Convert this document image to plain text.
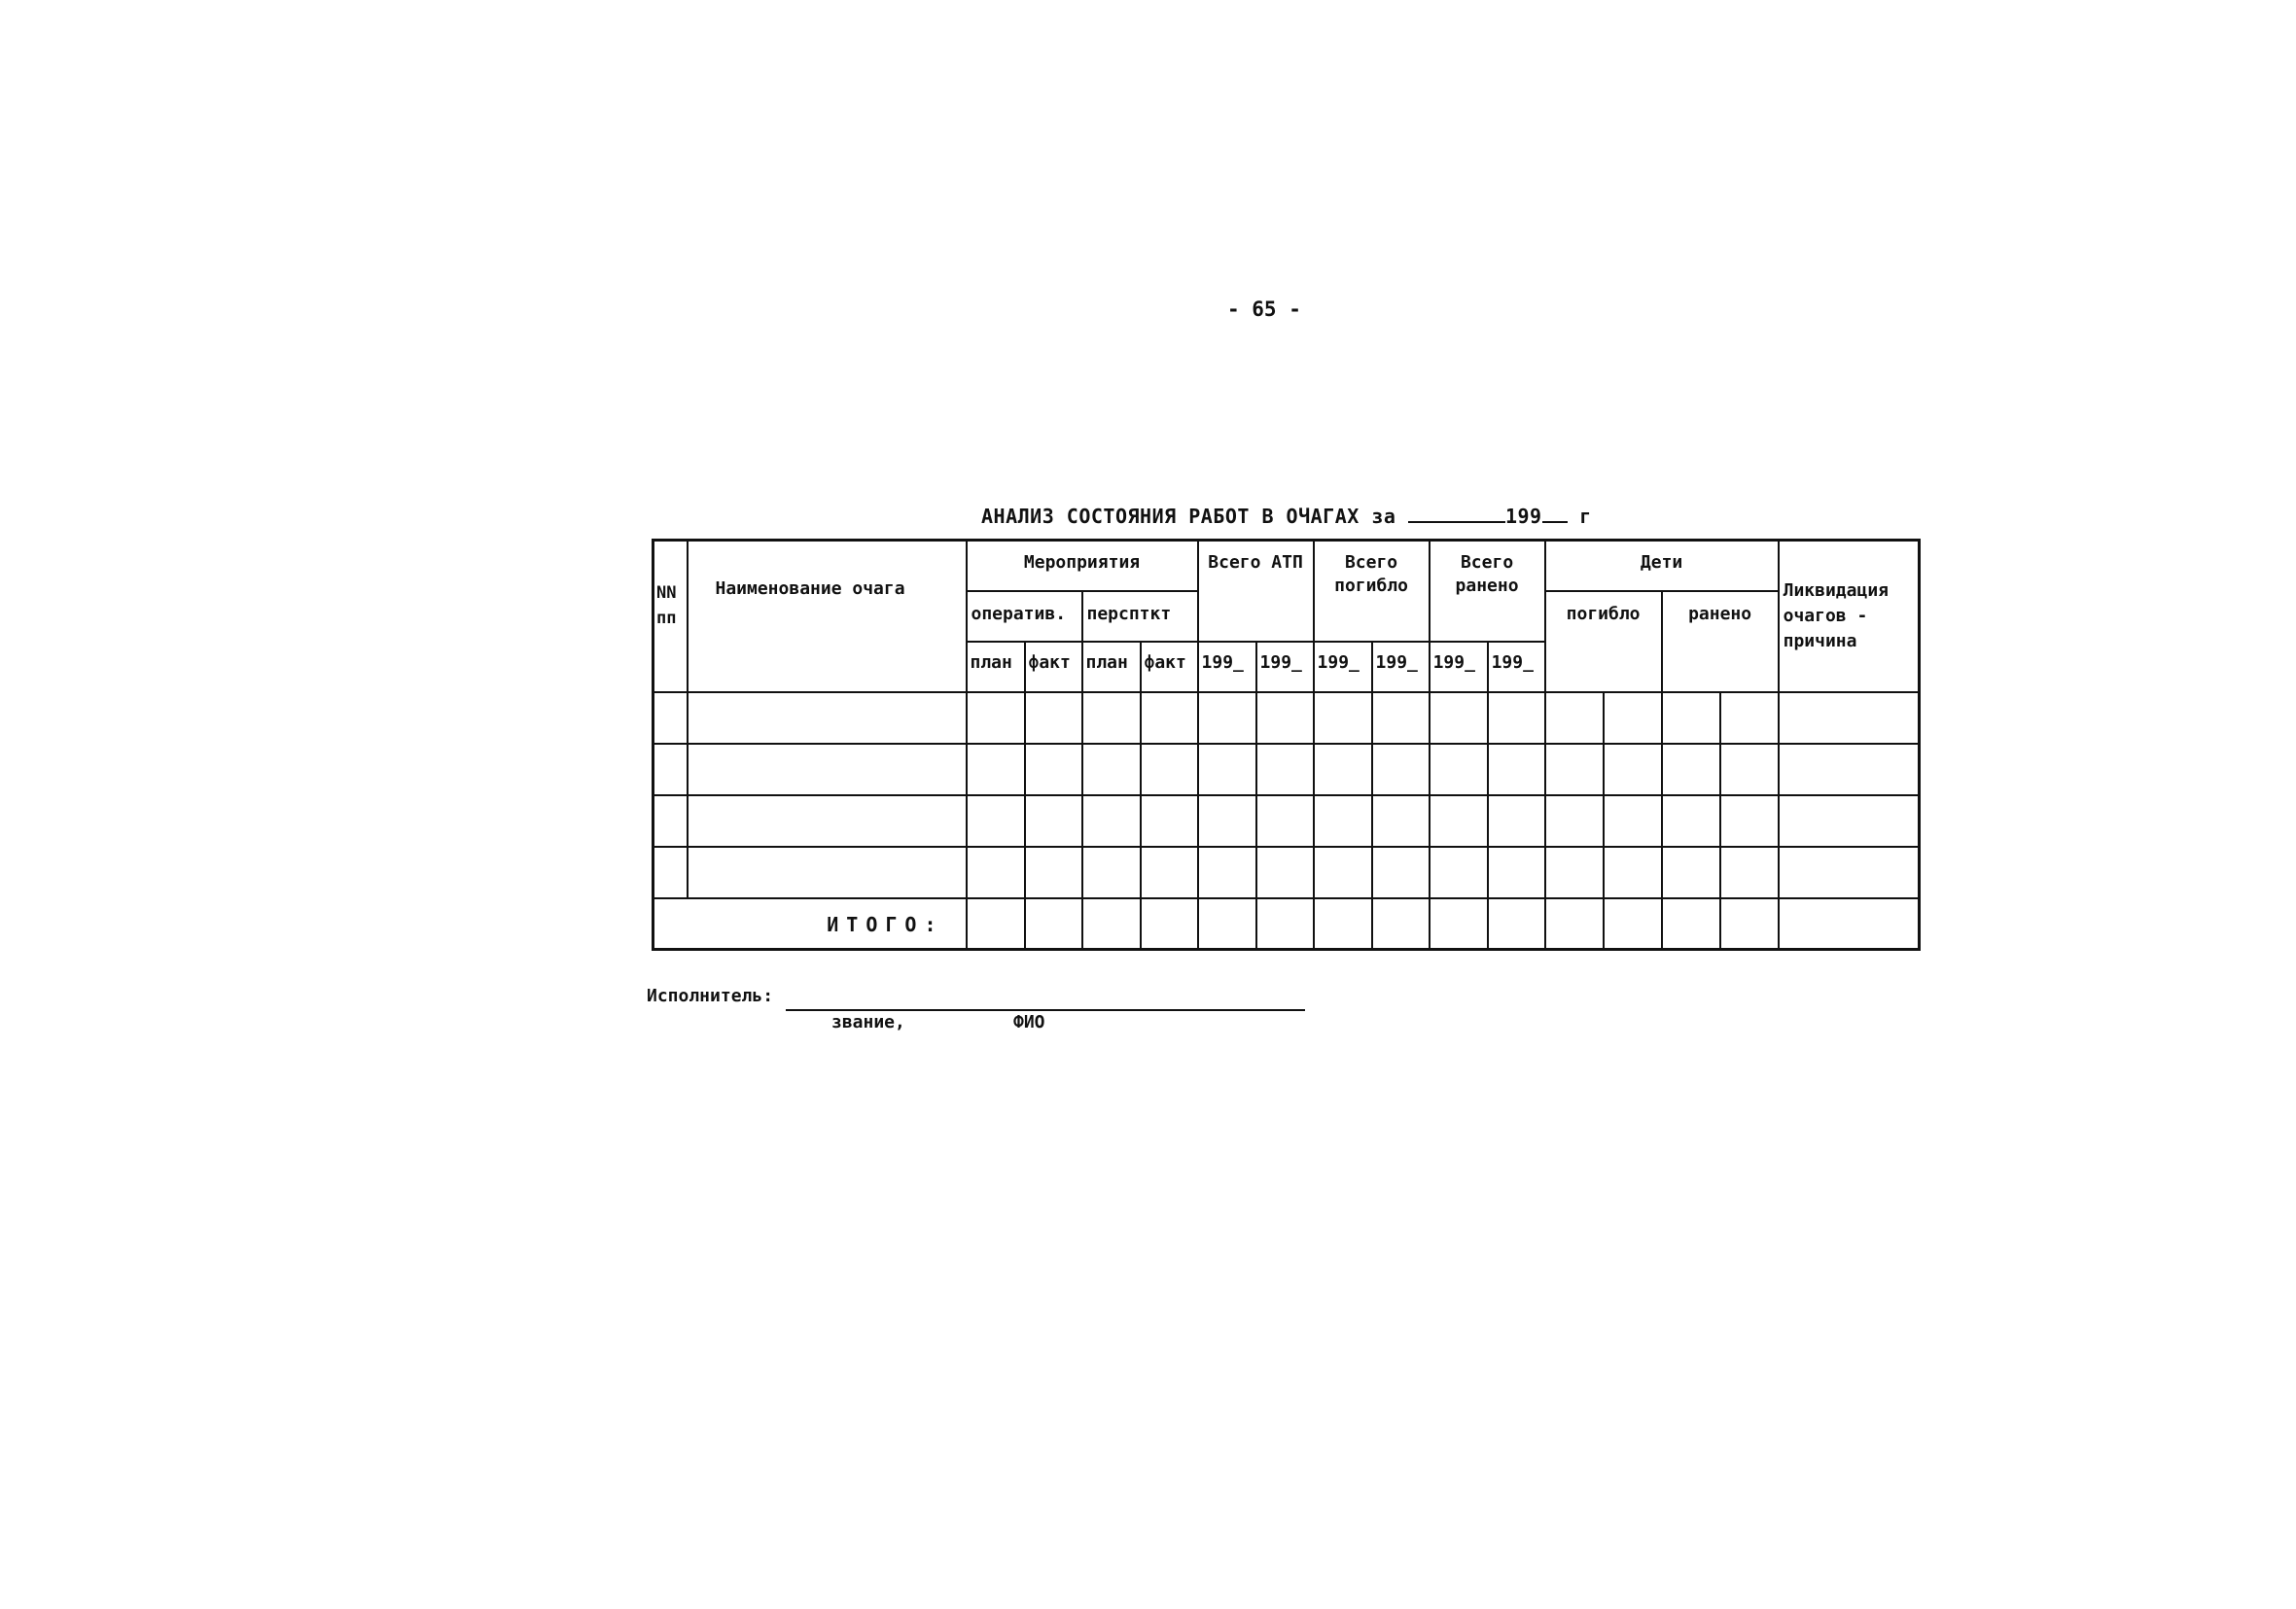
- 65 -
АНАЛИЗ СОСТОЯНИЯ РАБОТ В ОЧАГАХ за	199 г
NN пп	Наименование очага	Мероприятия				Всего АТП		Всего погибло		Всего ранено		Дети				Ликвидация очагов - причина
		оператив.		перспткт								погибло		ранено		
		план	факт	план	факт	199_	199_	199_	199_	199_	199_					

ИТОГО:																
Исполнитель:
звание,	ФИО
